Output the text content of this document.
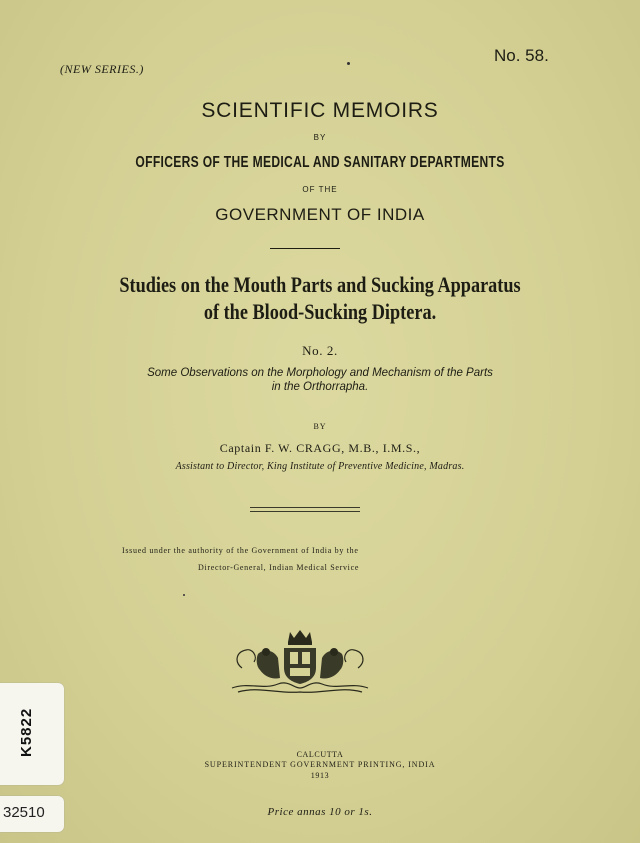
(NEW SERIES.)
No. 58.
SCIENTIFIC MEMOIRS
BY
OFFICERS OF THE MEDICAL AND SANITARY DEPARTMENTS
OF THE
GOVERNMENT OF INDIA
Studies on the Mouth Parts and Sucking Apparatus
of the Blood-Sucking Diptera.
No. 2.
Some Observations on the Morphology and Mechanism of the Parts
in the Orthorrapha.
BY
Captain F. W. CRAGG, M.B., I.M.S.,
Assistant to Director, King Institute of Preventive Medicine, Madras.
Issued under the authority of the Government of India by the
Director-General, Indian Medical Service
CALCUTTA
SUPERINTENDENT GOVERNMENT PRINTING, INDIA
1913
Price annas 10 or 1s.
K5822
32510
